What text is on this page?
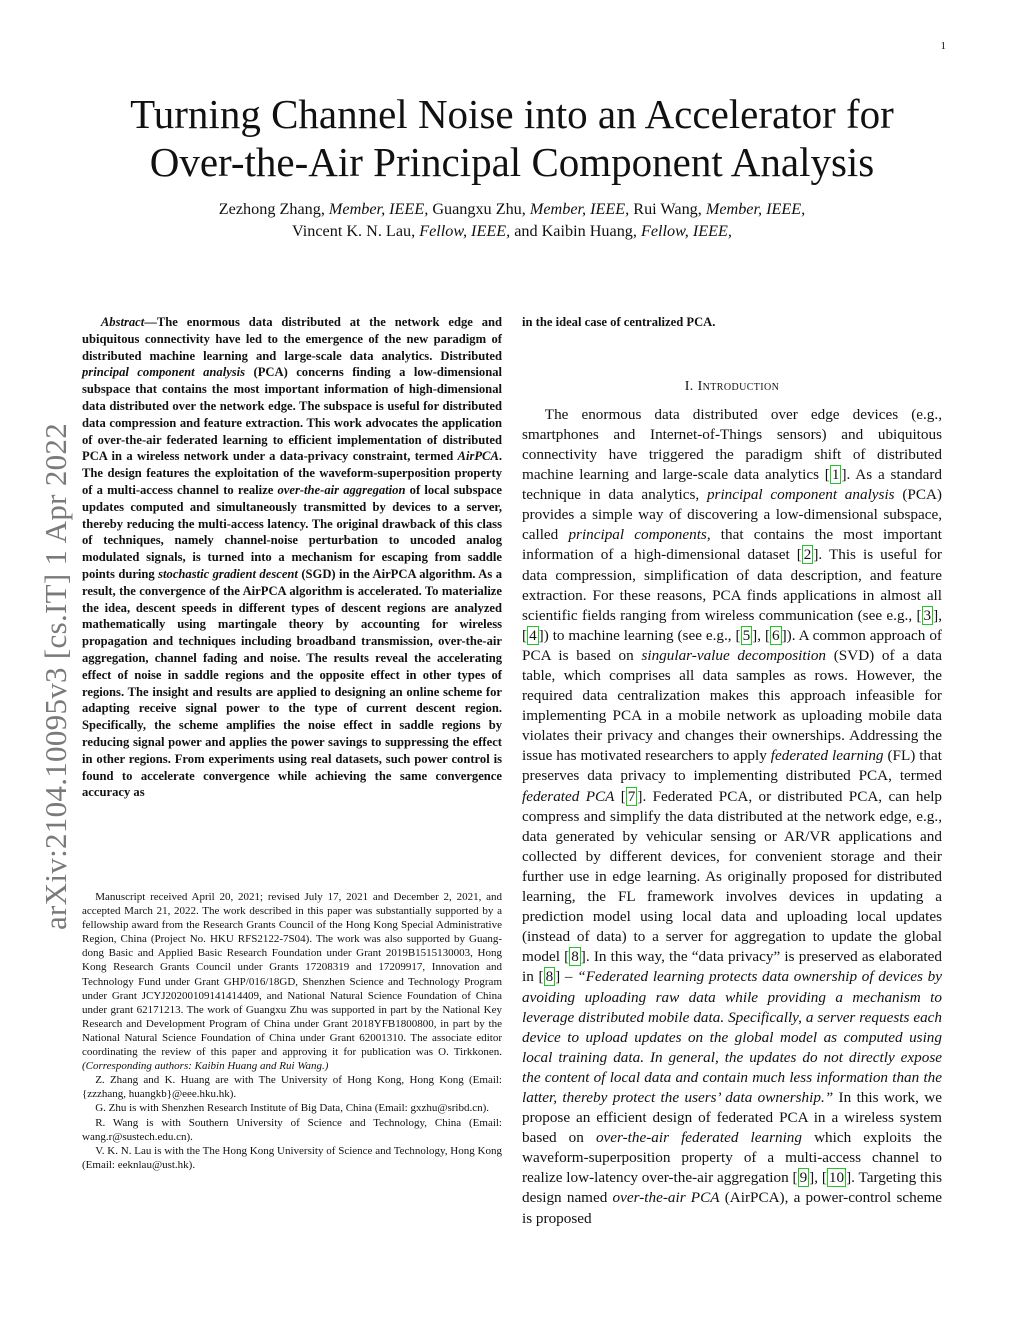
1
arXiv:2104.10095v3 [cs.IT] 1 Apr 2022
Turning Channel Noise into an Accelerator for
Over-the-Air Principal Component Analysis
Zezhong Zhang, Member, IEEE, Guangxu Zhu, Member, IEEE, Rui Wang, Member, IEEE,
Vincent K. N. Lau, Fellow, IEEE, and Kaibin Huang, Fellow, IEEE,

Abstract—The enormous data distributed at the network edge and ubiquitous connectivity have led to the emergence of the new paradigm of distributed machine learning and large-scale data analytics. Distributed principal component analysis (PCA) concerns finding a low-dimensional subspace that contains the most important information of high-dimensional data distributed over the network edge. The subspace is useful for distributed data compression and feature extraction. This work advocates the application of over-the-air federated learning to efficient implementation of distributed PCA in a wireless network under a data-privacy constraint, termed AirPCA. The design features the exploitation of the waveform-superposition property of a multi-access channel to realize over-the-air aggregation of local subspace updates computed and simultaneously transmitted by devices to a server, thereby reducing the multi-access latency. The original drawback of this class of techniques, namely channel-noise perturbation to uncoded analog modulated signals, is turned into a mechanism for escaping from saddle points during stochastic gradient descent (SGD) in the AirPCA algorithm. As a result, the convergence of the AirPCA algorithm is accelerated. To materialize the idea, descent speeds in different types of descent regions are analyzed mathematically using martingale theory by accounting for wireless propagation and techniques including broadband transmission, over-the-air aggregation, channel fading and noise. The results reveal the accelerating effect of noise in saddle regions and the opposite effect in other types of regions. The insight and results are applied to designing an online scheme for adapting receive signal power to the type of current descent region. Specifically, the scheme amplifies the noise effect in saddle regions by reducing signal power and applies the power savings to suppressing the effect in other regions. From experiments using real datasets, such power control is found to accelerate convergence while achieving the same convergence accuracy as

Manuscript received April 20, 2021; revised July 17, 2021 and December 2, 2021, and accepted March 21, 2022. The work described in this paper was substantially supported by a fellowship award from the Research Grants Council of the Hong Kong Special Administrative Region, China (Project No. HKU RFS2122-7S04). The work was also supported by Guang-dong Basic and Applied Basic Research Foundation under Grant 2019B1515130003, Hong Kong Research Grants Council under Grants 17208319 and 17209917, Innovation and Technology Fund under Grant GHP/016/18GD, Shenzhen Science and Technology Program under Grant JCYJ20200109141414409, and National Natural Science Foundation of China under grant 62171213. The work of Guangxu Zhu was supported in part by the National Key Research and Development Program of China under Grant 2018YFB1800800, in part by the National Natural Science Foundation of China under Grant 62001310. The associate editor coordinating the review of this paper and approving it for publication was O. Tirkkonen. (Corresponding authors: Kaibin Huang and Rui Wang.)

Z. Zhang and K. Huang are with The University of Hong Kong, Hong Kong (Email: {zzzhang, huangkb}@eee.hku.hk).

G. Zhu is with Shenzhen Research Institute of Big Data, China (Email: gxzhu@sribd.cn).

R. Wang is with Southern University of Science and Technology, China (Email: wang.r@sustech.edu.cn).

V. K. N. Lau is with the The Hong Kong University of Science and Technology, Hong Kong (Email: eeknlau@ust.hk).

in the ideal case of centralized PCA.

I. Introduction

The enormous data distributed over edge devices (e.g., smartphones and Internet-of-Things sensors) and ubiquitous connectivity have triggered the paradigm shift of distributed machine learning and large-scale data analytics [ 1 ]. As a standard technique in data analytics, principal component analysis (PCA) provides a simple way of discovering a low-dimensional subspace, called principal components, that contains the most important information of a high-dimensional dataset [ 2 ]. This is useful for data compression, simplification of data description, and feature extraction. For these reasons, PCA finds applications in almost all scientific fields ranging from wireless communication (see e.g., [ 3 ], [ 4 ]) to machine learning (see e.g., [ 5 ], [ 6 ]). A common approach of PCA is based on singular-value decomposition (SVD) of a data table, which comprises all data samples as rows. However, the required data centralization makes this approach infeasible for implementing PCA in a mobile network as uploading mobile data violates their privacy and changes their ownerships. Addressing the issue has motivated researchers to apply federated learning (FL) that preserves data privacy to implementing distributed PCA, termed federated PCA [ 7 ]. Federated PCA, or distributed PCA, can help compress and simplify the data distributed at the network edge, e.g., data generated by vehicular sensing or AR/VR applications and collected by different devices, for convenient storage and their further use in edge learning. As originally proposed for distributed learning, the FL framework involves devices in updating a prediction model using local data and uploading local updates (instead of data) to a server for aggregation to update the global model [ 8 ]. In this way, the “data privacy” is preserved as elaborated in [ 8 ] – “Federated learning protects data ownership of devices by avoiding uploading raw data while providing a mechanism to leverage distributed mobile data. Specifically, a server requests each device to upload updates on the global model as computed using local training data. In general, the updates do not directly expose the content of local data and contain much less information than the latter, thereby protect the users’ data ownership.” In this work, we propose an efficient design of federated PCA in a wireless system based on over-the-air federated learning which exploits the waveform-superposition property of a multi-access channel to realize low-latency over-the-air aggregation [ 9 ], [ 10 ]. Targeting this design named over-the-air PCA (AirPCA), a power-control scheme is proposed
